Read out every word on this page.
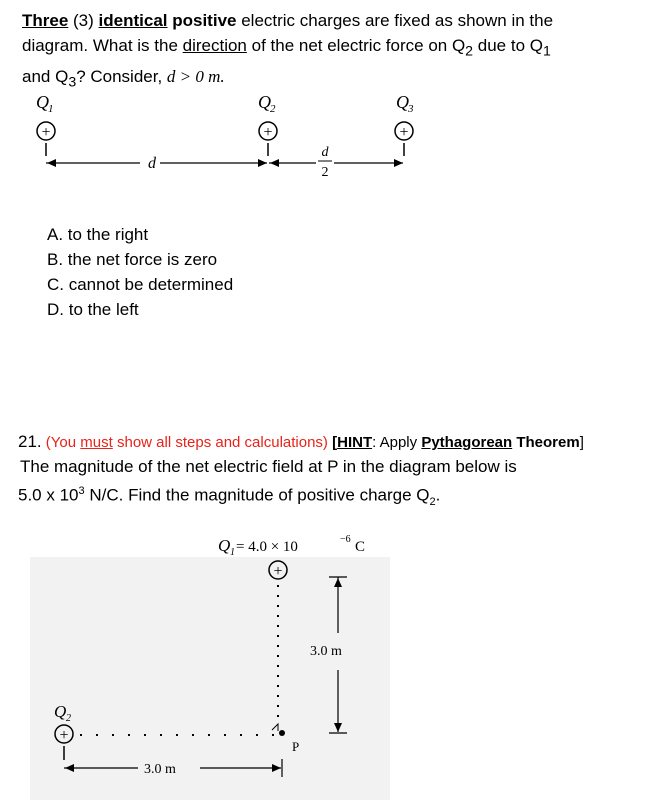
Three (3) identical positive electric charges are fixed as shown in the
diagram. What is the direction of the net electric force on $Q_2$ due to $Q_1$
and $Q_3$? Consider, d > 0 m.
Q 1
+
Q 2
+
Q 3
+
d
d
2
A. to the right
B. the net force is zero
C. cannot be determined
D. to the left
21. (You must show all steps and calculations) [HINT: Apply Pythagorean Theorem]
The magnitude of the net electric field at P in the diagram below is
5.0 x $10^3$ N/C. Find the magnitude of positive charge $Q_2$.
Q 1 = 4.0 × 10	−6 C
+
P
3.0 m
Q 2
+
3.0 m
